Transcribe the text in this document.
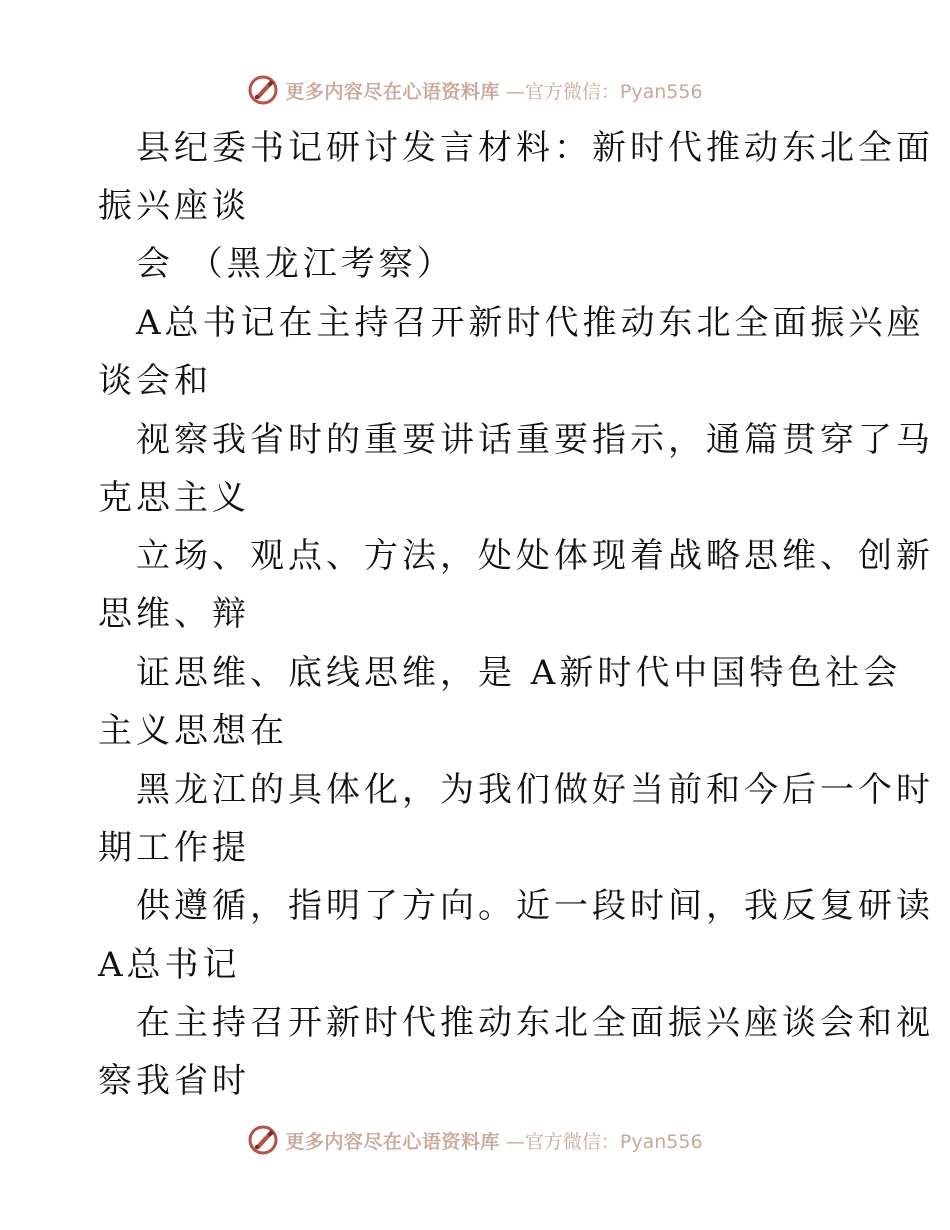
更多内容尽在心语资料库 —官方微信：Pyan556
县纪委书记研讨发言材料：新时代推动东北全面
振兴座谈
会 （黑龙江考察）
A总书记在主持召开新时代推动东北全面振兴座
谈会和
视察我省时的重要讲话重要指示，通篇贯穿了马
克思主义
立场、观点、方法，处处体现着战略思维、创新
思维、辩
证思维、底线思维，是 A新时代中国特色社会
主义思想在
黑龙江的具体化，为我们做好当前和今后一个时
期工作提
供遵循，指明了方向。近一段时间，我反复研读
A总书记
在主持召开新时代推动东北全面振兴座谈会和视
察我省时
更多内容尽在心语资料库 —官方微信：Pyan556
